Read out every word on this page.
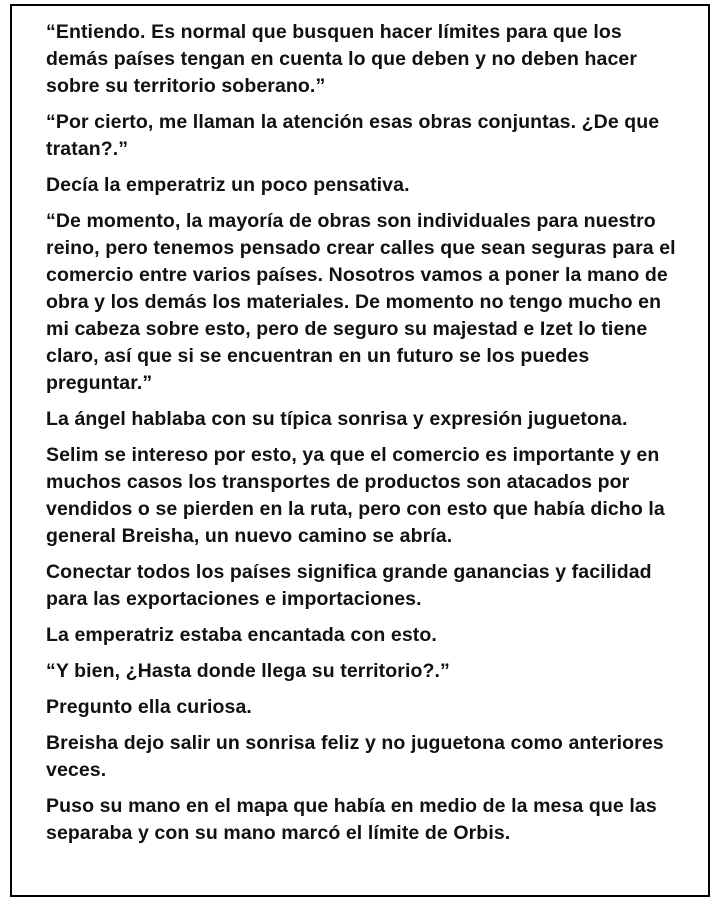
“Entiendo. Es normal que busquen hacer límites para que los demás países tengan en cuenta lo que deben y no deben hacer sobre su territorio soberano.”

“Por cierto, me llaman la atención esas obras conjuntas. ¿De que tratan?.”

Decía la emperatriz un poco pensativa.

“De momento, la mayoría de obras son individuales para nuestro reino, pero tenemos pensado crear calles que sean seguras para el comercio entre varios países. Nosotros vamos a poner la mano de obra y los demás los materiales. De momento no tengo mucho en mi cabeza sobre esto, pero de seguro su majestad e Izet lo tiene claro, así que si se encuentran en un futuro se los puedes preguntar.”

La ángel hablaba con su típica sonrisa y expresión juguetona.

Selim se intereso por esto, ya que el comercio es importante y en muchos casos los transportes de productos son atacados por vendidos o se pierden en la ruta, pero con esto que había dicho la general Breisha, un nuevo camino se abría.

Conectar todos los países significa grande ganancias y facilidad para las exportaciones e importaciones.

La emperatriz estaba encantada con esto.

“Y bien, ¿Hasta donde llega su territorio?.”

Pregunto ella curiosa.

Breisha dejo salir un sonrisa feliz y no juguetona como anteriores veces.

Puso su mano en el mapa que había en medio de la mesa que las separaba y con su mano marcó el límite de Orbis.
